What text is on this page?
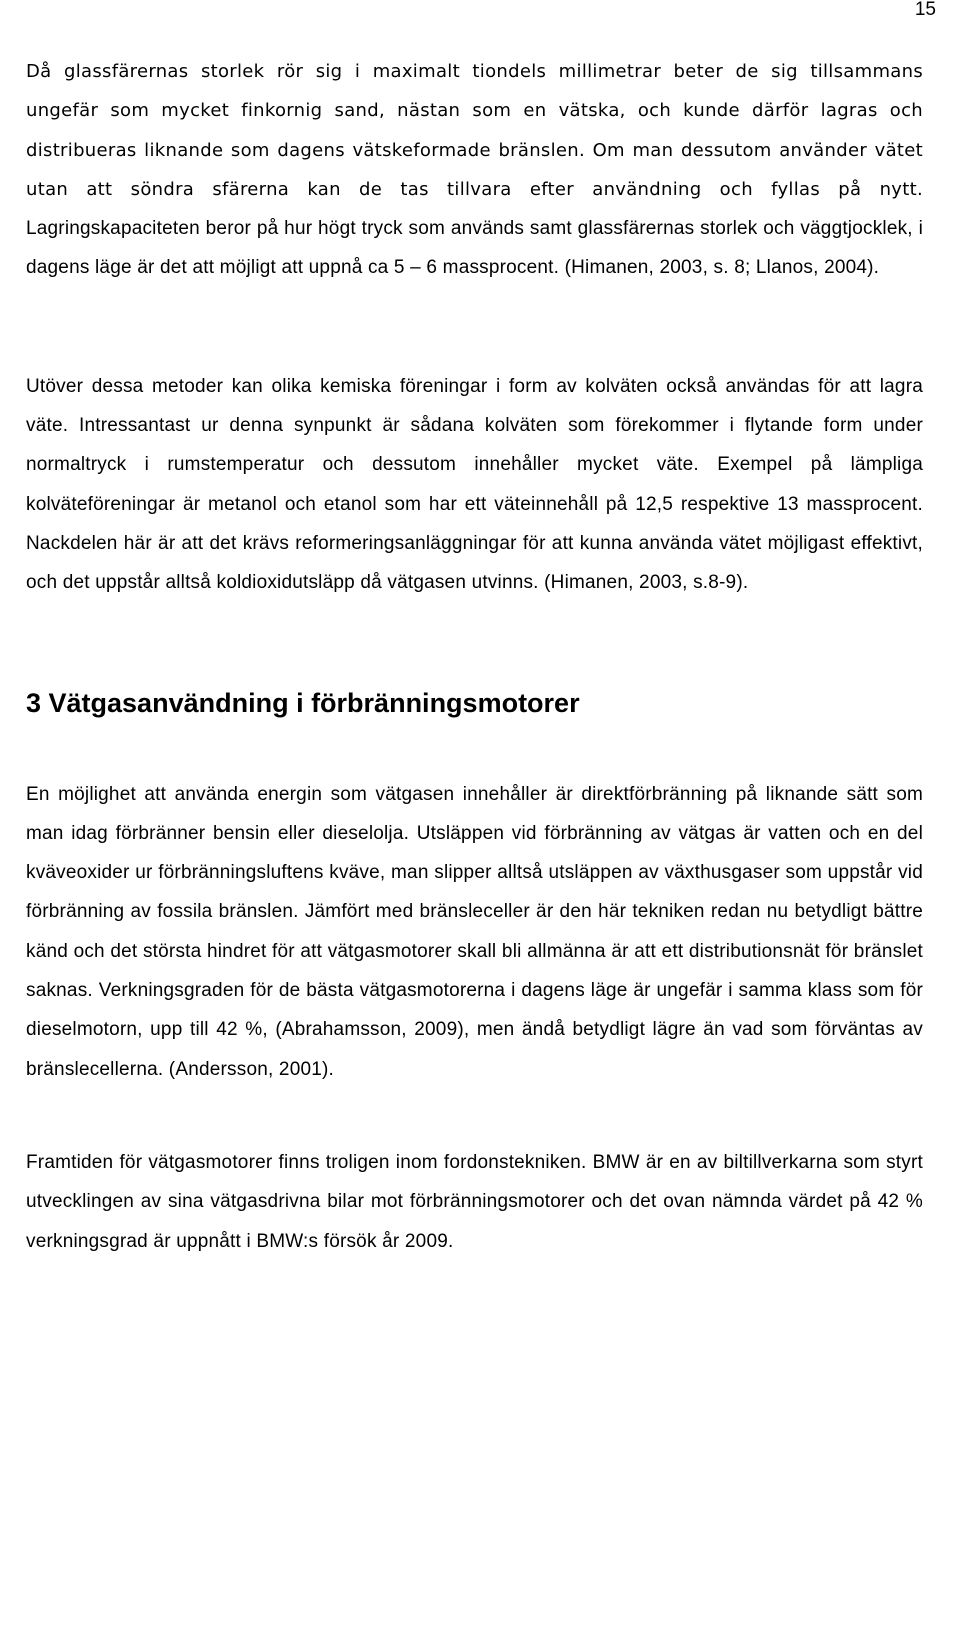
15

Då glassfärernas storlek rör sig i maximalt tiondels millimetrar beter de sig tillsammans ungefär som mycket finkornig sand, nästan som en vätska, och kunde därför lagras och distribueras liknande som dagens vätskeformade bränslen. Om man dessutom använder vätet utan att söndra sfärerna kan de tas tillvara efter användning och fyllas på nytt. Lagringskapaciteten beror på hur högt tryck som används samt glassfärernas storlek och väggtjocklek, i dagens läge är det att möjligt att uppnå ca 5 – 6 massprocent. (Himanen, 2003, s. 8; Llanos, 2004).

Utöver dessa metoder kan olika kemiska föreningar i form av kolväten också användas för att lagra väte. Intressantast ur denna synpunkt är sådana kolväten som förekommer i flytande form under normaltryck i rumstemperatur och dessutom innehåller mycket väte. Exempel på lämpliga kolväteföreningar är metanol och etanol som har ett väteinnehåll på 12,5 respektive 13 massprocent. Nackdelen här är att det krävs reformeringsanläggningar för att kunna använda vätet möjligast effektivt, och det uppstår alltså koldioxidutsläpp då vätgasen utvinns. (Himanen, 2003, s.8-9).

3 Vätgasanvändning i förbränningsmotorer

En möjlighet att använda energin som vätgasen innehåller är direktförbränning på liknande sätt som man idag förbränner bensin eller dieselolja. Utsläppen vid förbränning av vätgas är vatten och en del kväveoxider ur förbränningsluftens kväve, man slipper alltså utsläppen av växthusgaser som uppstår vid förbränning av fossila bränslen. Jämfört med bränsleceller är den här tekniken redan nu betydligt bättre känd och det största hindret för att vätgasmotorer skall bli allmänna är att ett distributionsnät för bränslet saknas. Verkningsgraden för de bästa vätgasmotorerna i dagens läge är ungefär i samma klass som för dieselmotorn, upp till 42 %, (Abrahamsson, 2009), men ändå betydligt lägre än vad som förväntas av bränslecellerna. (Andersson, 2001).

Framtiden för vätgasmotorer finns troligen inom fordonstekniken. BMW är en av biltillverkarna som styrt utvecklingen av sina vätgasdrivna bilar mot förbränningsmotorer och det ovan nämnda värdet på 42 % verkningsgrad är uppnått i BMW:s försök år 2009.
